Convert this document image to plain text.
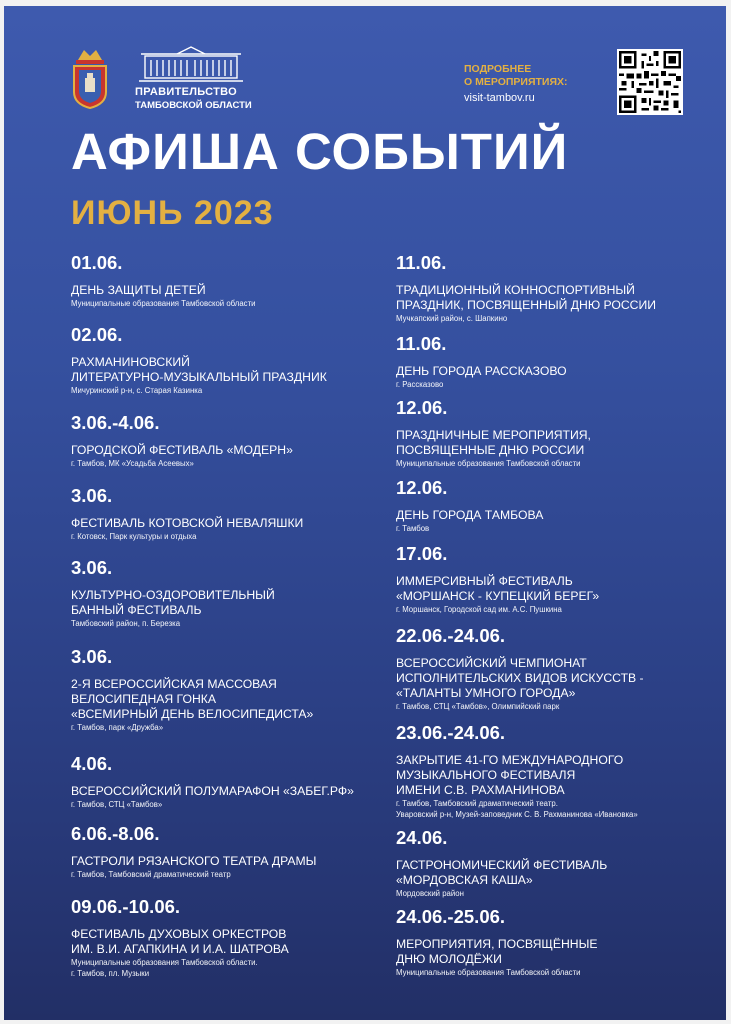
ПРАВИТЕЛЬСТВО
ТАМБОВСКОЙ ОБЛАСТИ
ПОДРОБНЕЕ
О МЕРОПРИЯТИЯХ:
visit-tambov.ru
АФИША СОБЫТИЙ
ИЮНЬ 2023
01.06.
ДЕНЬ ЗАЩИТЫ ДЕТЕЙ
Муниципальные образования Тамбовской области
02.06.
РАХМАНИНОВСКИЙ
ЛИТЕРАТУРНО-МУЗЫКАЛЬНЫЙ ПРАЗДНИК
Мичуринский р-н, с. Старая Казинка
3.06.-4.06.
ГОРОДСКОЙ ФЕСТИВАЛЬ «МОДЕРН»
г. Тамбов, МК «Усадьба Асеевых»
3.06.
ФЕСТИВАЛЬ КОТОВСКОЙ НЕВАЛЯШКИ
г. Котовск, Парк культуры и отдыха
3.06.
КУЛЬТУРНО-ОЗДОРОВИТЕЛЬНЫЙ
БАННЫЙ ФЕСТИВАЛЬ
Тамбовский район, п. Березка
3.06.
2-Я ВСЕРОССИЙСКАЯ МАССОВАЯ
ВЕЛОСИПЕДНАЯ ГОНКА
«ВСЕМИРНЫЙ ДЕНЬ ВЕЛОСИПЕДИСТА»
г. Тамбов, парк «Дружба»
4.06.
ВСЕРОССИЙСКИЙ ПОЛУМАРАФОН «ЗАБЕГ.РФ»
г. Тамбов, СТЦ «Тамбов»
6.06.-8.06.
ГАСТРОЛИ РЯЗАНСКОГО ТЕАТРА ДРАМЫ
г. Тамбов, Тамбовский драматический театр
09.06.-10.06.
ФЕСТИВАЛЬ ДУХОВЫХ ОРКЕСТРОВ
ИМ. В.И. АГАПКИНА И И.А. ШАТРОВА
Муниципальные образования Тамбовской области.
г. Тамбов, пл. Музыки
11.06.
ТРАДИЦИОННЫЙ КОННОСПОРТИВНЫЙ
ПРАЗДНИК, ПОСВЯЩЕННЫЙ ДНЮ РОССИИ
Мучкапский район, с. Шапкино
11.06.
ДЕНЬ ГОРОДА РАССКАЗОВО
г. Рассказово
12.06.
ПРАЗДНИЧНЫЕ МЕРОПРИЯТИЯ,
ПОСВЯЩЕННЫЕ ДНЮ РОССИИ
Муниципальные образования Тамбовской области
12.06.
ДЕНЬ ГОРОДА ТАМБОВА
г. Тамбов
17.06.
ИММЕРСИВНЫЙ ФЕСТИВАЛЬ
«МОРШАНСК - КУПЕЦКИЙ БЕРЕГ»
г. Моршанск, Городской сад им. А.С. Пушкина
22.06.-24.06.
ВСЕРОССИЙСКИЙ ЧЕМПИОНАТ
ИСПОЛНИТЕЛЬСКИХ ВИДОВ ИСКУССТВ -
«ТАЛАНТЫ УМНОГО ГОРОДА»
г. Тамбов, СТЦ «Тамбов», Олимпийский парк
23.06.-24.06.
ЗАКРЫТИЕ 41-ГО МЕЖДУНАРОДНОГО
МУЗЫКАЛЬНОГО ФЕСТИВАЛЯ
ИМЕНИ С.В. РАХМАНИНОВА
г. Тамбов, Тамбовский драматический театр.
Уваровский р-н, Музей-заповедник С. В. Рахманинова «Ивановка»
24.06.
ГАСТРОНОМИЧЕСКИЙ ФЕСТИВАЛЬ
«МОРДОВСКАЯ КАША»
Мордовский район
24.06.-25.06.
МЕРОПРИЯТИЯ, ПОСВЯЩЁННЫЕ
ДНЮ МОЛОДЁЖИ
Муниципальные образования Тамбовской области
